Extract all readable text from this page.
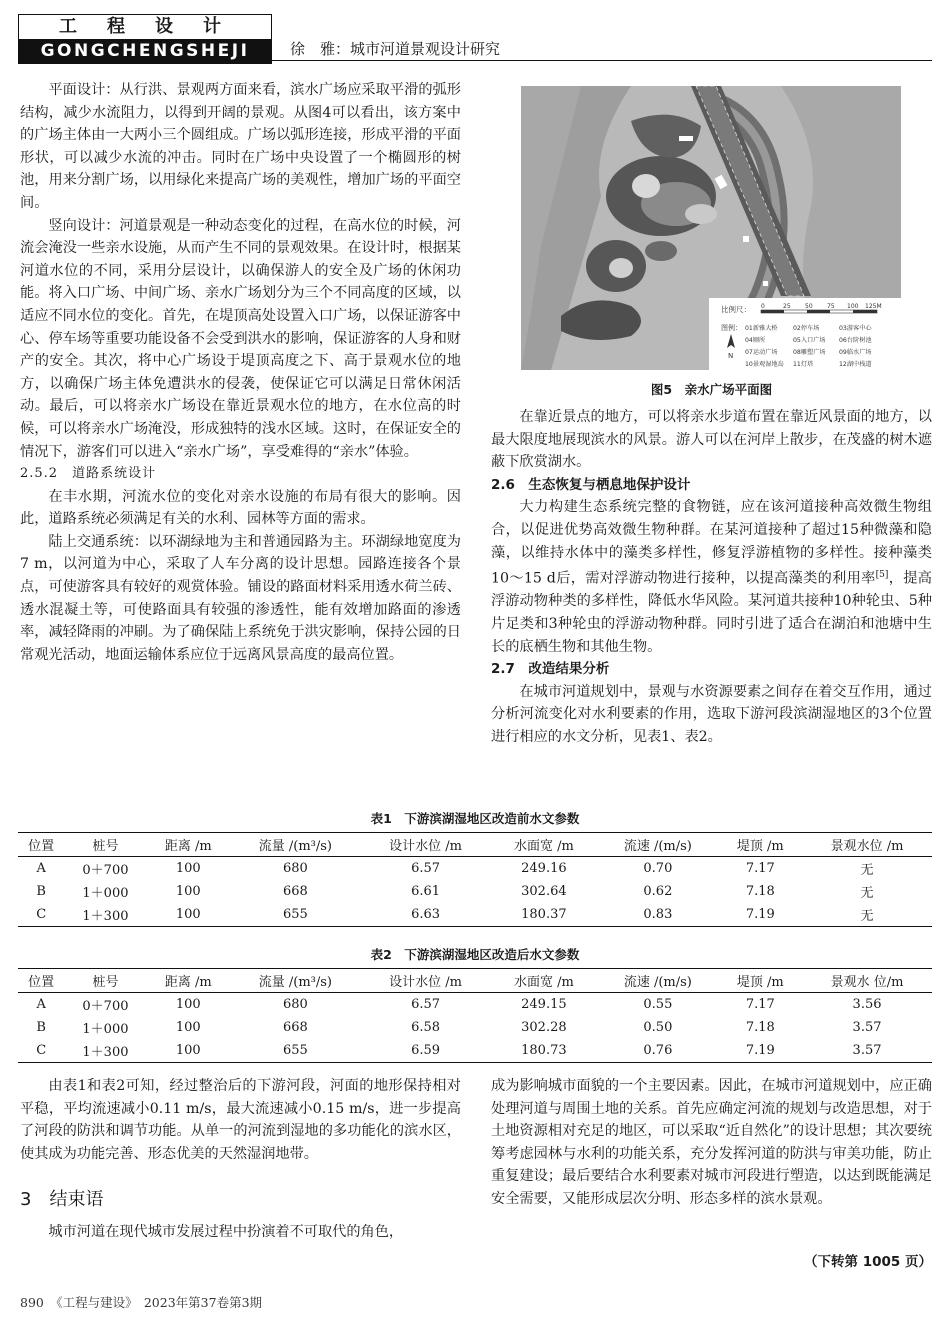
工程设计
GONGCHENGSHEJI	徐　雅：城市河道景观设计研究

平面设计：从行洪、景观两方面来看，滨水广场应采取平滑的弧形结构，减少水流阻力，以得到开阔的景观。从图4可以看出，该方案中的广场主体由一大两小三个圆组成。广场以弧形连接，形成平滑的平面形状，可以减少水流的冲击。同时在广场中央设置了一个椭圆形的树池，用来分割广场，以用绿化来提高广场的美观性，增加广场的平面空间。

竖向设计：河道景观是一种动态变化的过程，在高水位的时候，河流会淹没一些亲水设施，从而产生不同的景观效果。在设计时，根据某河道水位的不同，采用分层设计，以确保游人的安全及广场的休闲功能。将入口广场、中间广场、亲水广场划分为三个不同高度的区域，以适应不同水位的变化。首先，在堤顶高处设置入口广场，以保证游客中心、停车场等重要功能设备不会受到洪水的影响，保证游客的人身和财产的安全。其次，将中心广场设于堤顶高度之下、高于景观水位的地方，以确保广场主体免遭洪水的侵袭，使保证它可以满足日常休闲活动。最后，可以将亲水广场设在靠近景观水位的地方，在水位高的时候，可以将亲水广场淹没，形成独特的浅水区域。这时，在保证安全的情况下，游客们可以进入“亲水广场”，享受难得的“亲水”体验。

2.5.2　道路系统设计

在丰水期，河流水位的变化对亲水设施的布局有很大的影响。因此，道路系统必须满足有关的水利、园林等方面的需求。

陆上交通系统：以环湖绿地为主和普通园路为主。环湖绿地宽度为7 m，以河道为中心，采取了人车分离的设计思想。园路连接各个景点，可使游客具有较好的观赏体验。铺设的路面材料采用透水荷兰砖、透水混凝土等，可使路面具有较强的渗透性，能有效增加路面的渗透率，减轻降雨的冲刷。为了确保陆上系统免于洪灾影响，保持公园的日常观光活动，地面运输体系应位于远离风景高度的最高位置。

比例尺： 0	25 50 75 100 125M
图例： 01新雅大桥 02停车场	03游客中心
04厕所	05入口广场 06台阶树池
07运动广场 08雕塑广场 09临水广场
10景观湿地岛 11灯塔	12湖中栈道
N
图5　亲水广场平面图

在靠近景点的地方，可以将亲水步道布置在靠近风景面的地方，以最大限度地展现滨水的风景。游人可以在河岸上散步，在茂盛的树木遮蔽下欣赏湖水。

2.6　生态恢复与栖息地保护设计

大力构建生态系统完整的食物链，应在该河道接种高效微生物组合，以促进优势高效微生物种群。在某河道接种了超过15种微藻和隐藻，以维持水体中的藻类多样性，修复浮游植物的多样性。接种藻类10～15 d后，需对浮游动物进行接种，以提高藻类的利用率[5]，提高浮游动物种类的多样性，降低水华风险。某河道共接种10种轮虫、5种片足类和3种轮虫的浮游动物种群。同时引进了适合在湖泊和池塘中生长的底栖生物和其他生物。

2.7　改造结果分析

在城市河道规划中，景观与水资源要素之间存在着交互作用，通过分析河流变化对水利要素的作用，选取下游河段滨湖湿地区的3个位置进行相应的水文分析，见表1、表2。

表1　下游滨湖湿地区改造前水文参数
位置	桩号	距离 /m	流量 /(m³/s)	设计水位 /m	水面宽 /m	流速 /(m/s)	堤顶 /m	景观水位 /m
A	0＋700	100	680	6.57	249.16	0.70	7.17	无
B	1＋000	100	668	6.61	302.64	0.62	7.18	无
C	1＋300	100	655	6.63	180.37	0.83	7.19	无
表2　下游滨湖湿地区改造后水文参数
位置	桩号	距离 /m	流量 /(m³/s)	设计水位 /m	水面宽 /m	流速 /(m/s)	堤顶 /m	景观水 位/m
A	0＋700	100	680	6.57	249.15	0.55	7.17	3.56
B	1＋000	100	668	6.58	302.28	0.50	7.18	3.57
C	1＋300	100	655	6.59	180.73	0.76	7.19	3.57

由表1和表2可知，经过整治后的下游河段，河面的地形保持相对平稳，平均流速减小0.11 m/s，最大流速减小0.15 m/s，进一步提高了河段的防洪和调节功能。从单一的河流到湿地的多功能化的滨水区，使其成为功能完善、形态优美的天然湿润地带。

3　结束语

城市河道在现代城市发展过程中扮演着不可取代的角色，

成为影响城市面貌的一个主要因素。因此，在城市河道规划中，应正确处理河道与周围土地的关系。首先应确定河流的规划与改造思想，对于土地资源相对充足的地区，可以采取“近自然化”的设计思想；其次要统筹考虑园林与水利的功能关系，充分发挥河道的防洪与审美功能，防止重复建设；最后要结合水利要素对城市河段进行塑造，以达到既能满足安全需要，又能形成层次分明、形态多样的滨水景观。

（下转第 1005 页）
890　《工程与建设》　2023年第37卷第3期
